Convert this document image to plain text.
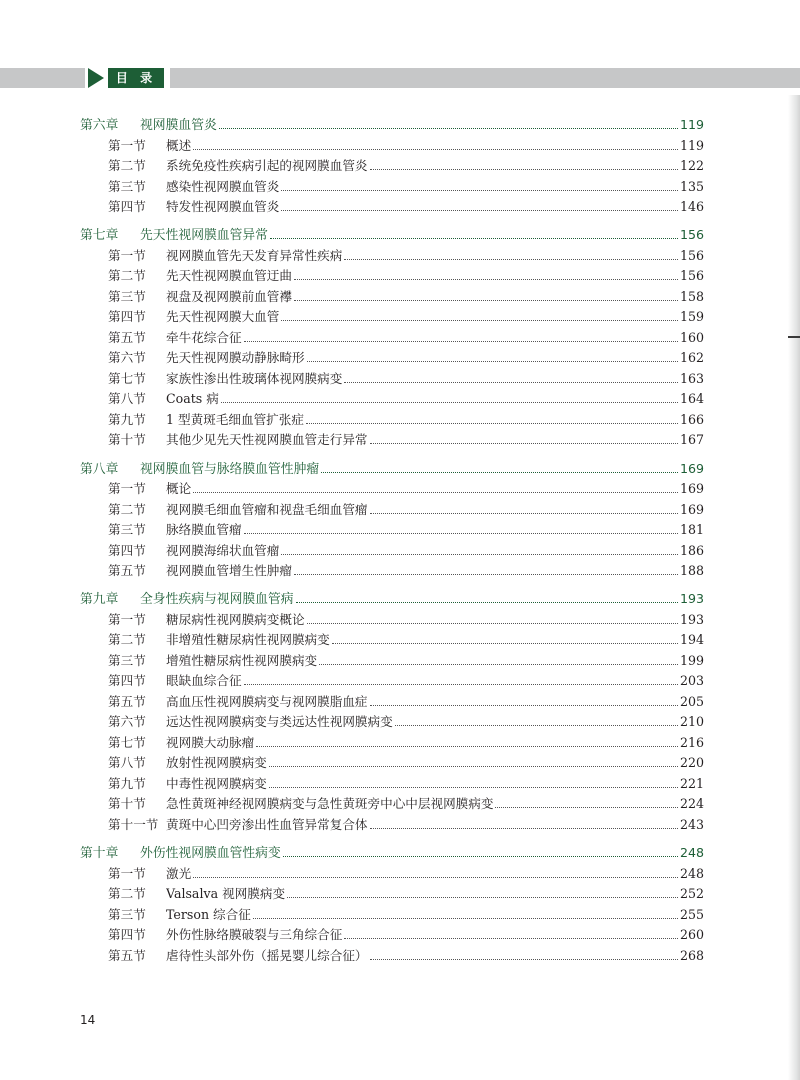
目 录
第六章	视网膜血管炎	119
第一节	概述	119
第二节	系统免疫性疾病引起的视网膜血管炎	122
第三节	感染性视网膜血管炎	135
第四节	特发性视网膜血管炎	146
第七章	先天性视网膜血管异常	156
第一节	视网膜血管先天发育异常性疾病	156
第二节	先天性视网膜血管迂曲	156
第三节	视盘及视网膜前血管襻	158
第四节	先天性视网膜大血管	159
第五节	牵牛花综合征	160
第六节	先天性视网膜动静脉畸形	162
第七节	家族性渗出性玻璃体视网膜病变	163
第八节	Coats 病	164
第九节	1 型黄斑毛细血管扩张症	166
第十节	其他少见先天性视网膜血管走行异常	167
第八章	视网膜血管与脉络膜血管性肿瘤	169
第一节	概论	169
第二节	视网膜毛细血管瘤和视盘毛细血管瘤	169
第三节	脉络膜血管瘤	181
第四节	视网膜海绵状血管瘤	186
第五节	视网膜血管增生性肿瘤	188
第九章	全身性疾病与视网膜血管病	193
第一节	糖尿病性视网膜病变概论	193
第二节	非增殖性糖尿病性视网膜病变	194
第三节	增殖性糖尿病性视网膜病变	199
第四节	眼缺血综合征	203
第五节	高血压性视网膜病变与视网膜脂血症	205
第六节	远达性视网膜病变与类远达性视网膜病变	210
第七节	视网膜大动脉瘤	216
第八节	放射性视网膜病变	220
第九节	中毒性视网膜病变	221
第十节	急性黄斑神经视网膜病变与急性黄斑旁中心中层视网膜病变	224
第十一节 黄斑中心凹旁渗出性血管异常复合体	243
第十章	外伤性视网膜血管性病变	248
第一节	激光	248
第二节	Valsalva 视网膜病变	252
第三节	Terson 综合征	255
第四节	外伤性脉络膜破裂与三角综合征	260
第五节	虐待性头部外伤（摇晃婴儿综合征）	268
14
